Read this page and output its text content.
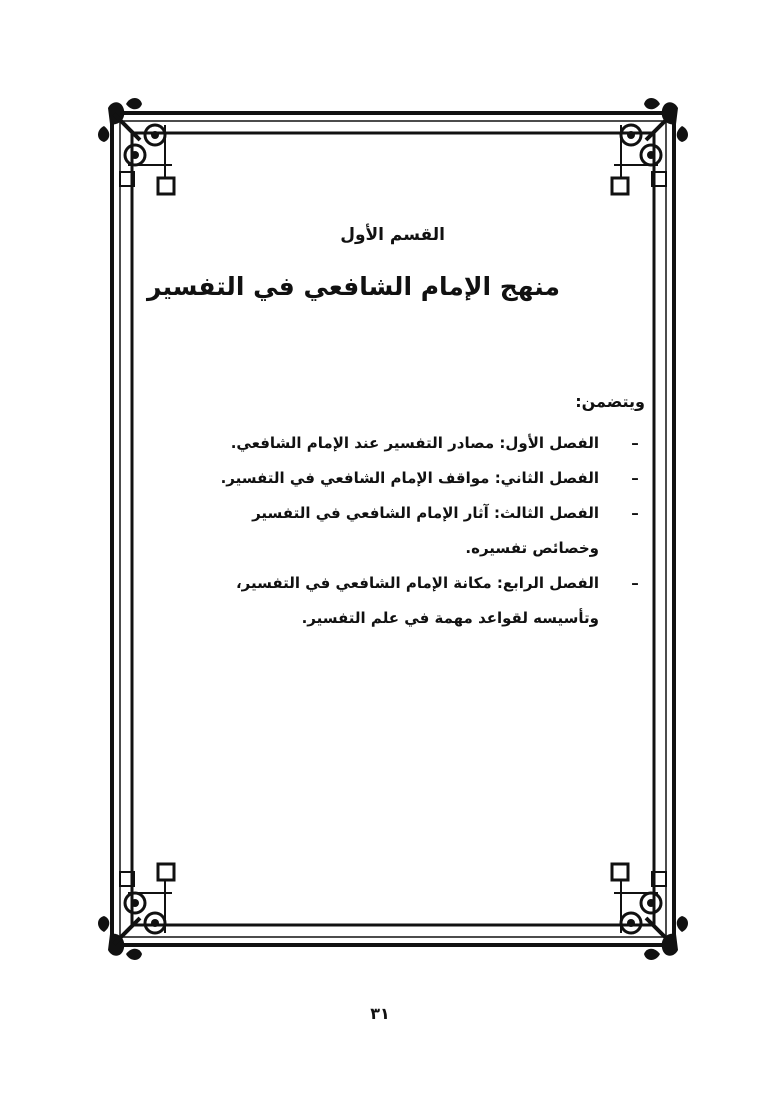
القسم الأول
منهج الإمام الشافعي في التفسير
ويتضمن:
–
الفصل الأول: مصادر التفسير عند الإمام الشافعي.
–
الفصل الثاني: مواقف الإمام الشافعي في التفسير.
–
الفصل الثالث: آثار الإمام الشافعي في التفسير وخصائص تفسيره.
–
الفصل الرابع: مكانة الإمام الشافعي في التفسير، وتأسيسه لقواعد مهمة في علم التفسير.
٣١
